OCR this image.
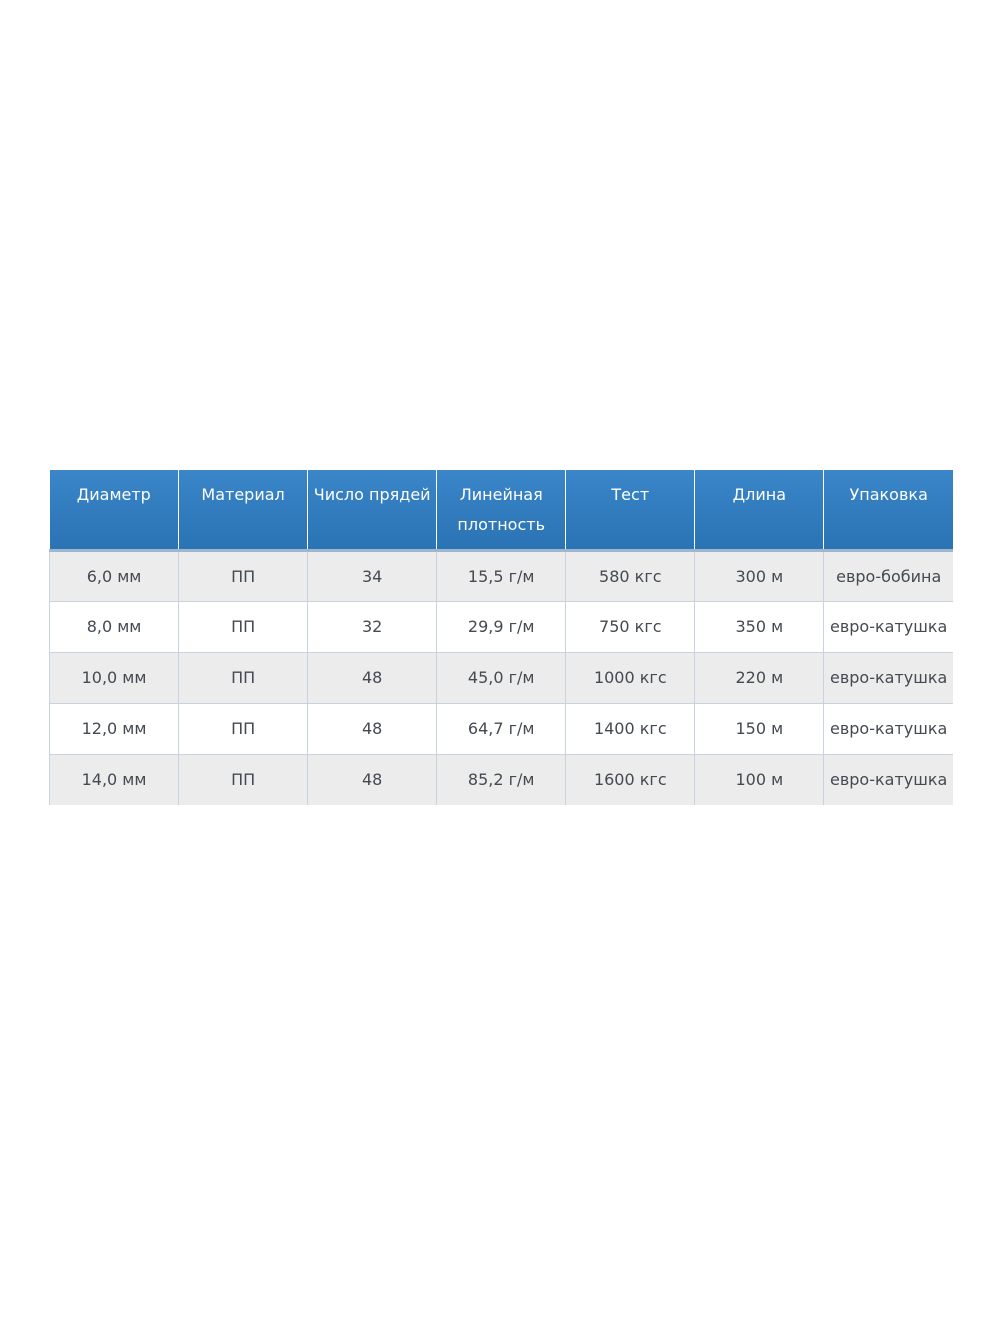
Диаметр	Материал	Число прядей	Линейная плотность	Тест	Длина	Упаковка
6,0 мм	ПП	34	15,5 г/м	580 кгс	300 м	евро-бобина
8,0 мм	ПП	32	29,9 г/м	750 кгс	350 м	евро-катушка
10,0 мм	ПП	48	45,0 г/м	1000 кгс	220 м	евро-катушка
12,0 мм	ПП	48	64,7 г/м	1400 кгс	150 м	евро-катушка
14,0 мм	ПП	48	85,2 г/м	1600 кгс	100 м	евро-катушка
